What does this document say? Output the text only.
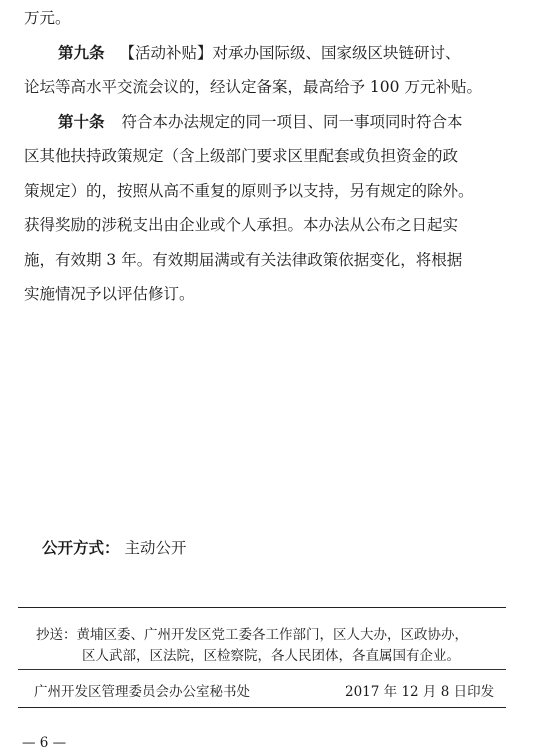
万元。
第九条 【活动补贴】对承办国际级、国家级区块链研讨、
论坛等高水平交流会议的，经认定备案，最高给予 100 万元补贴。
第十条 符合本办法规定的同一项目、同一事项同时符合本
区其他扶持政策规定（含上级部门要求区里配套或负担资金的政
策规定）的，按照从高不重复的原则予以支持，另有规定的除外。
获得奖励的涉税支出由企业或个人承担。本办法从公布之日起实
施，有效期 3 年。有效期届满或有关法律政策依据变化，将根据
实施情况予以评估修订。
公开方式： 主动公开
抄送：黄埔区委、广州开发区党工委各工作部门，区人大办，区政协办，
区人武部，区法院，区检察院，各人民团体，各直属国有企业。
广州开发区管理委员会办公室秘书处	2017 年 12 月 8 日印发
— 6 —
